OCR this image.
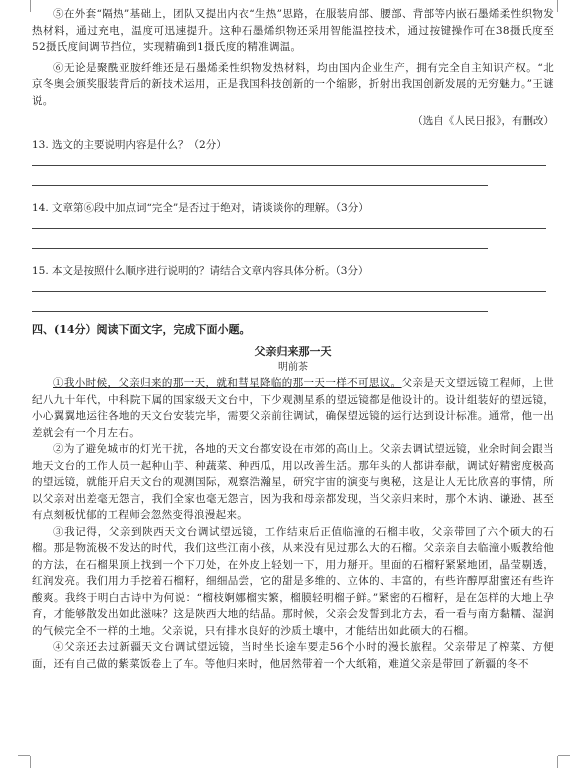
⑤在外套“隔热”基础上，团队又提出内衣“生热”思路，在服装肩部、腰部、背部等内嵌石墨烯柔性织物发热材料，通过充电，温度可迅速提升。这种石墨烯织物还采用智能温控技术，通过按键操作可在38摄氏度至52摄氏度间调节挡位，实现精确到1摄氏度的精准调温。

⑥无论是聚酰亚胺纤维还是石墨烯柔性织物发热材料，均由国内企业生产，拥有完全自主知识产权。“北京冬奥会颁奖服装背后的新技术运用，正是我国科技创新的一个缩影，折射出我国创新发展的无穷魅力。”王谜说。

（选自《人民日报》，有删改）

13. 选文的主要说明内容是什么？（2分）

14. 文章第⑥段中加点词“完全”是否过于绝对，请谈谈你的理解。（3分）

15. 本文是按照什么顺序进行说明的？请结合文章内容具体分析。（3分）

四、(14分）阅读下面文字，完成下面小题。

父亲归来那一天

明前茶

①我小时候，父亲归来的那一天，就和彗星降临的那一天一样不可思议。父亲是天文望远镜工程师，上世纪八九十年代，中科院下属的国家级天文台中，下少观测星系的望远镜都是他设计的。设计组装好的望远镜，小心翼翼地运往各地的天文台安装完毕，需要父亲前往调试，确保望远镜的运行达到设计标准。通常，他一出差就会有一个月左右。

②为了避免城市的灯光干扰，各地的天文台都安设在市郊的高山上。父亲去调试望远镜，业余时间会跟当地天文台的工作人员一起种山芋、种蔬菜、种西瓜，用以改善生活。那年头的人都讲奉献，调试好精密度极高的望远镜，就能开启天文台的观测国际，观察浩瀚星，研究宇宙的演变与奥秘，这是让人无比欣喜的事情，所以父亲对出差毫无怨言，我们全家也毫无怨言，因为我和母亲都发现，当父亲归来时，那个木讷、谦逊、甚至有点刻板忧郁的工程师会忽然变得浪漫起来。

③我记得，父亲到陕西天文台调试望远镜，工作结束后正值临潼的石榴丰收，父亲带回了六个硕大的石榴。那是物流极不发达的时代，我们这些江南小孩，从来没有见过那么大的石榴。父亲亲自去临潼小贩教给他的方法，在石榴果顶上找到一个下刀处，在外皮上轻划一下，用力掰开。里面的石榴籽紧紧地团，晶莹剔透，红润发亮。我们用力手挖着石榴籽，细细品尝，它的甜是多维的、立体的、丰富的，有些许醇厚甜蜜还有些许酸爽。我终于明白古诗中为何说：“榴枝婀娜榴实繁，榴膜轻明榴子鲜。”紧密的石榴籽，是在怎样的大地上孕育，才能够散发出如此滋味？这是陕西大地的结晶。那时候，父亲会发誓到北方去，看一看与南方黏糯、湿润的气候完全不一样的土地。父亲说，只有排水良好的沙质土壤中，才能结出如此硕大的石榴。

④父亲还去过新疆天文台调试望远镜，当时坐长途车要走56个小时的漫长旅程。父亲带足了榨菜、方便面，还有自己做的紫菜饭卷上了车。等他归来时，他居然带着一个大纸箱，难道父亲是带回了新疆的冬不
